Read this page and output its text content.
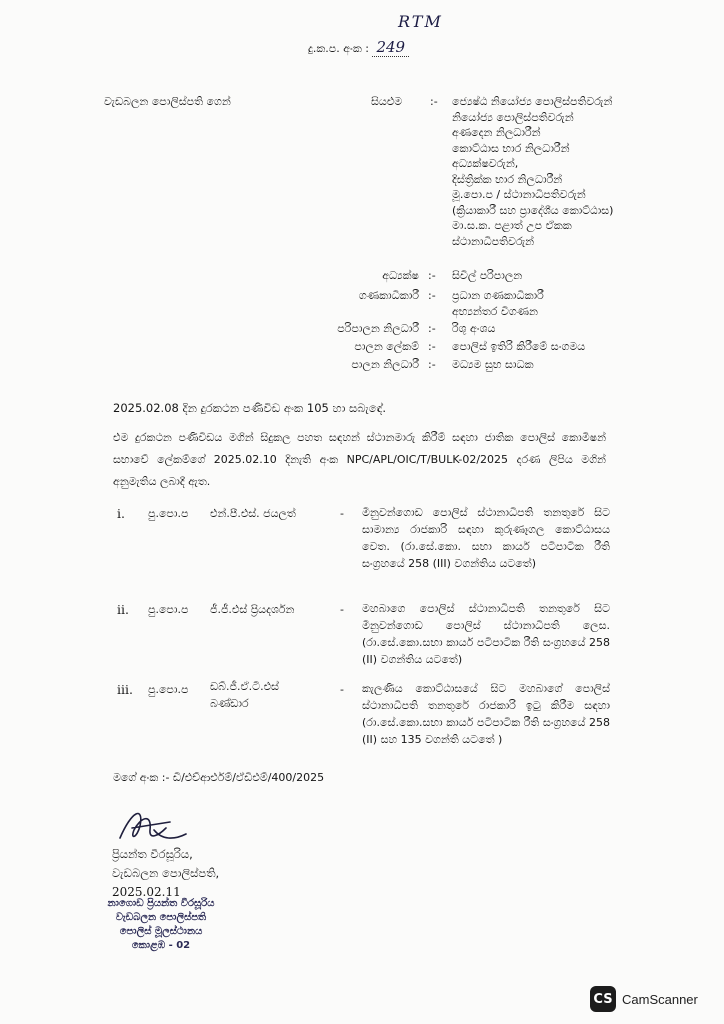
RTM
දු.ක.ප. අංක : 249
වැඩබලන පොලිස්පති ගෙන්	සියළුම	:- ජ්‍යෙෂ්ඨ නියෝජ්‍ය පොලිස්පතිවරුන්
නියෝජ්‍ය පොලිස්පතිවරුන්
අණදෙන නිලධාරීන්
කොට්ඨාස භාර නිලධාරීන්
අධ්‍යක්ෂවරුන්,
දිස්ත්‍රික්ක භාර නිලධාරීන්
මූ.පො.ප / ස්ථානාධිපතිවරුන්
(ක්‍රියාකාරී සහ ප්‍රාදේශීය කොට්ඨාස)
මා.ස.ක. පළාත් උප ඒකක
ස්ථානාධිපතිවරුන්
අධ්‍යක්ෂ :- සිවිල් පරිපාලන
ගණකාධිකාරී :- ප්‍රධාන ගණකාධිකාරී
අභ්‍යන්තර විගණන
පරිපාලන නිලධාරී :- රිශු අංශය
පාලන ලේකම් :- පොලිස් ඉතිරි කිරීමේ සංගමය
පාලන නිලධාරී :- මධ්‍යම සුභ සාධක
2025.02.08 දින දුරකථන පණිවිඩ අංක 105 හා සබැඳේ.
එම දුරකථන පණිවිඩය මගින් සිදුකල පහත සඳහන් ස්ථානමාරු කිරීම් සඳහා ජාතික පොලිස් කොමිෂන් සභාවේ ලේකම්ගේ 2025.02.10 දිනැති අංක NPC/APL/OIC/T/BULK-02/2025 දරණ ලිපිය මගින් අනුමැතිය ලබාදී ඇත.
i. පු.පො.ප එන්.පී.එස්. ජයලත්	- මීනුවන්ගොඩ පොලිස් ස්ථානාධිපති තනතුරේ සිට සාමාන්‍ය රාජකාරි සඳහා කුරුණෑගල කොට්ඨාසය වෙත. (රා.සේ.කො. සභා කාර්ය පටිපාටික රීති සංග්‍රහයේ 258 (III) වගන්තිය යටතේ)
ii. පු.පො.ප ජී.ජී.එස් ප්‍රියදර්ශන	- මහබාගෙ පොලිස් ස්ථානාධිපති තනතුරේ සිට මීනුවන්ගොඩ පොලිස් ස්ථානාධිපති ලෙස. (රා.සේ.කො.සභා කාර්ය පටිපාටික රීති සංග්‍රහයේ 258 (II) වගන්තිය යටතේ)
iii. පු.පො.ප ඩබ්.ජී.ඒ.ටී.එස් බණ්ඩාර
- කැලණිය කොට්ඨාසයේ සිට මහබාගේ පොලිස් ස්ථානාධිපති තනතුරේ රාජකාරි ඉටු කිරීම සඳහා (රා.සේ.කො.සභා කාර්ය පටිපාටික රීති සංග්‍රහයේ 258 (II) සහ 135 වගන්ති යටතේ )
මගේ අංක :- ඩී/එච්ආර්එම්/ඒඩීඑම්/400/2025
ප්‍රියන්ත වීරසූරිය,
වැඩබලන පොලිස්පති,
2025.02.11
නාගොඩ ප්‍රියන්ත වීරසූරිය
වැඩබලන පොලිස්පති
පොලිස් මූලස්ථානය
කොළඹ - 02
CS CamScanner
